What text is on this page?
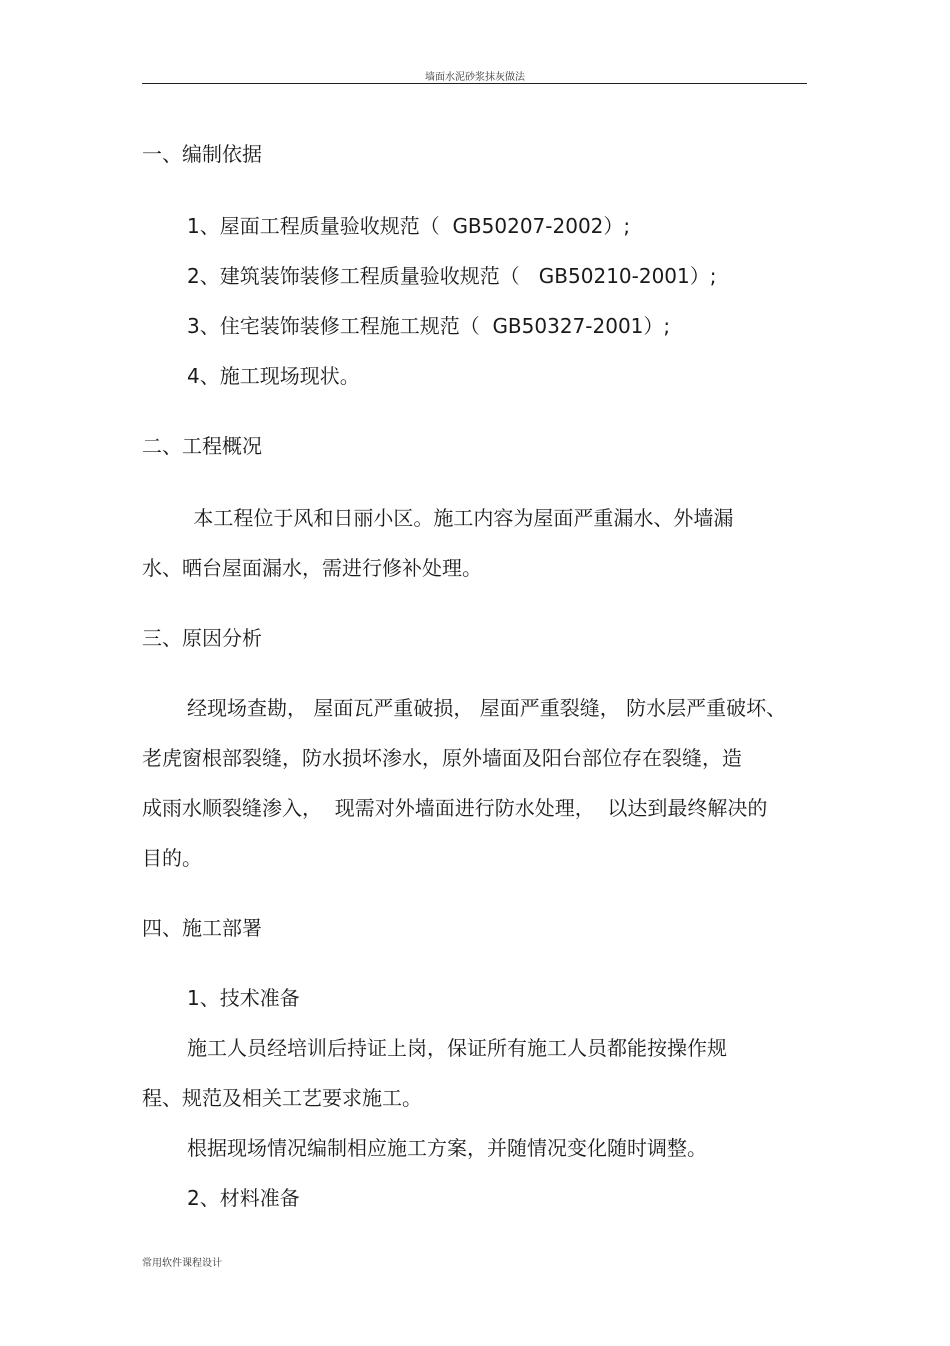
墙面水泥砂浆抹灰做法
一、编制依据
1、屋面工程质量验收规范（  GB50207-2002）;
2、建筑装饰装修工程质量验收规范（   GB50210-2001）;
3、住宅装饰装修工程施工规范（  GB50327-2001）;
4、施工现场现状。
二、工程概况
本工程位于风和日丽小区。施工内容为屋面严重漏水、外墙漏
水、晒台屋面漏水，需进行修补处理。
三、原因分析
经现场查勘， 屋面瓦严重破损， 屋面严重裂缝， 防水层严重破坏、
老虎窗根部裂缝，防水损坏渗水，原外墙面及阳台部位存在裂缝，造
成雨水顺裂缝渗入，  现需对外墙面进行防水处理，  以达到最终解决的
目的。
四、施工部署
1、技术准备
施工人员经培训后持证上岗，保证所有施工人员都能按操作规
程、规范及相关工艺要求施工。
根据现场情况编制相应施工方案，并随情况变化随时调整。
2、材料准备
常用软件课程设计
